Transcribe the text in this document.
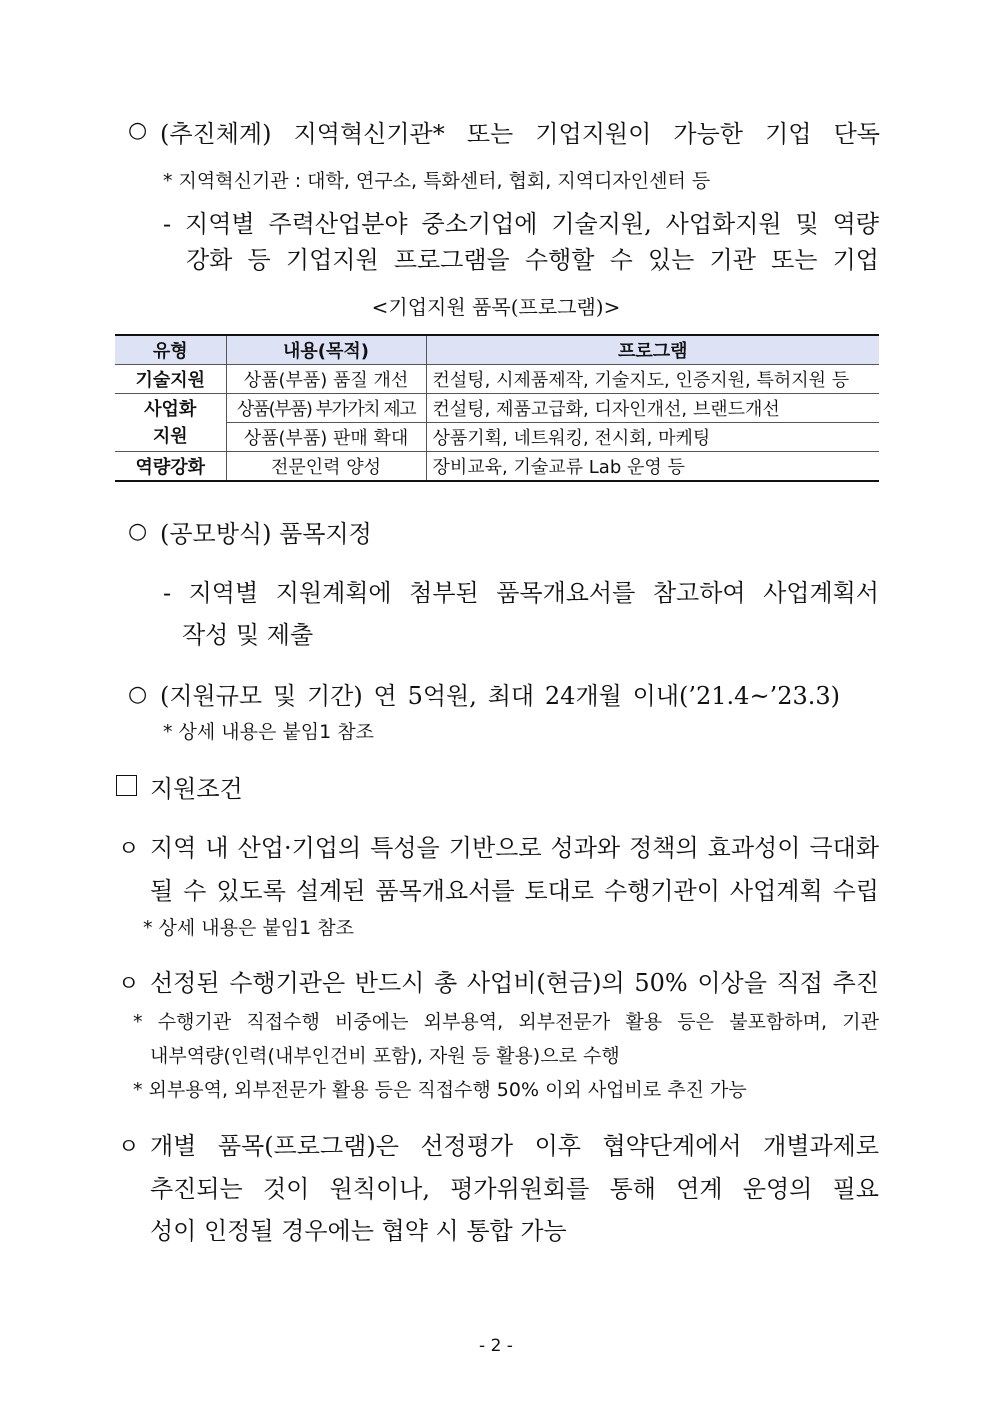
○ (추진체계) 지역혁신기관* 또는 기업지원이 가능한 기업 단독
* 지역혁신기관 : 대학, 연구소, 특화센터, 협회, 지역디자인센터 등
- 지역별 주력산업분야 중소기업에 기술지원, 사업화지원 및 역량
강화 등 기업지원 프로그램을 수행할 수 있는 기관 또는 기업
<기업지원 품목(프로그램)>
유형	내용(목적)	프로그램
기술지원	상품(부품) 품질 개선	컨설팅, 시제품제작, 기술지도, 인증지원, 특허지원 등
사업화
지원	상품(부품) 부가가치 제고	컨설팅, 제품고급화, 디자인개선, 브랜드개선
	상품(부품) 판매 확대	상품기획, 네트워킹, 전시회, 마케팅
역량강화	전문인력 양성	장비교육, 기술교류 Lab 운영 등
○ (공모방식) 품목지정
- 지역별 지원계획에 첨부된 품목개요서를 참고하여 사업계획서
작성 및 제출
○ (지원규모 및 기간) 연 5억원, 최대 24개월 이내(’21.4~’23.3)
* 상세 내용은 붙임1 참조
지원조건
ㅇ 지역 내 산업·기업의 특성을 기반으로 성과와 정책의 효과성이 극대화
될 수 있도록 설계된 품목개요서를 토대로 수행기관이 사업계획 수립
* 상세 내용은 붙임1 참조
ㅇ 선정된 수행기관은 반드시 총 사업비(현금)의 50% 이상을 직접 추진
* 수행기관 직접수행 비중에는 외부용역, 외부전문가 활용 등은 불포함하며, 기관
내부역량(인력(내부인건비 포함), 자원 등 활용)으로 수행
* 외부용역, 외부전문가 활용 등은 직접수행 50% 이외 사업비로 추진 가능
ㅇ 개별 품목(프로그램)은 선정평가 이후 협약단계에서 개별과제로
추진되는 것이 원칙이나, 평가위원회를 통해 연계 운영의 필요
성이 인정될 경우에는 협약 시 통합 가능
- 2 -
